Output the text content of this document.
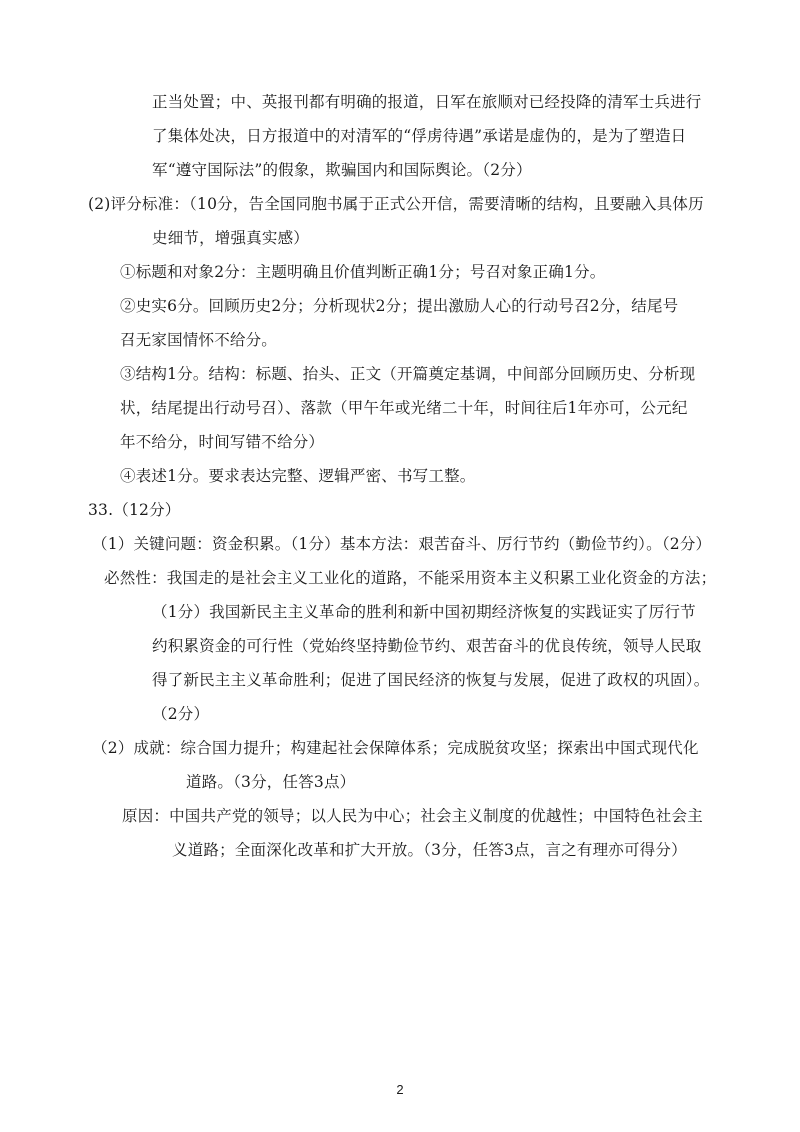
正当处置；中、英报刊都有明确的报道，日军在旅顺对已经投降的清军士兵进行
了集体处决，日方报道中的对清军的“俘虏待遇”承诺是虚伪的，是为了塑造日
军“遵守国际法”的假象，欺骗国内和国际舆论。（2分）
(2)评分标准：（10分，告全国同胞书属于正式公开信，需要清晰的结构，且要融入具体历
史细节，增强真实感）
①标题和对象2分：主题明确且价值判断正确1分；号召对象正确1分。
②史实6分。回顾历史2分；分析现状2分；提出激励人心的行动号召2分，结尾号
召无家国情怀不给分。
③结构1分。结构：标题、抬头、正文（开篇奠定基调，中间部分回顾历史、分析现
状，结尾提出行动号召）、落款（甲午年或光绪二十年，时间往后1年亦可，公元纪
年不给分，时间写错不给分）
④表述1分。要求表达完整、逻辑严密、书写工整。
33.（12分）
（1）关键问题：资金积累。（1分）基本方法：艰苦奋斗、厉行节约（勤俭节约）。（2分）
必然性：我国走的是社会主义工业化的道路，不能采用资本主义积累工业化资金的方法；
（1分）我国新民主主义革命的胜利和新中国初期经济恢复的实践证实了厉行节
约积累资金的可行性（党始终坚持勤俭节约、艰苦奋斗的优良传统，领导人民取
得了新民主主义革命胜利；促进了国民经济的恢复与发展，促进了政权的巩固）。
（2分）
（2）成就：综合国力提升；构建起社会保障体系；完成脱贫攻坚；探索出中国式现代化
道路。（3分，任答3点）
原因：中国共产党的领导；以人民为中心；社会主义制度的优越性；中国特色社会主
义道路；全面深化改革和扩大开放。（3分，任答3点，言之有理亦可得分）
2
